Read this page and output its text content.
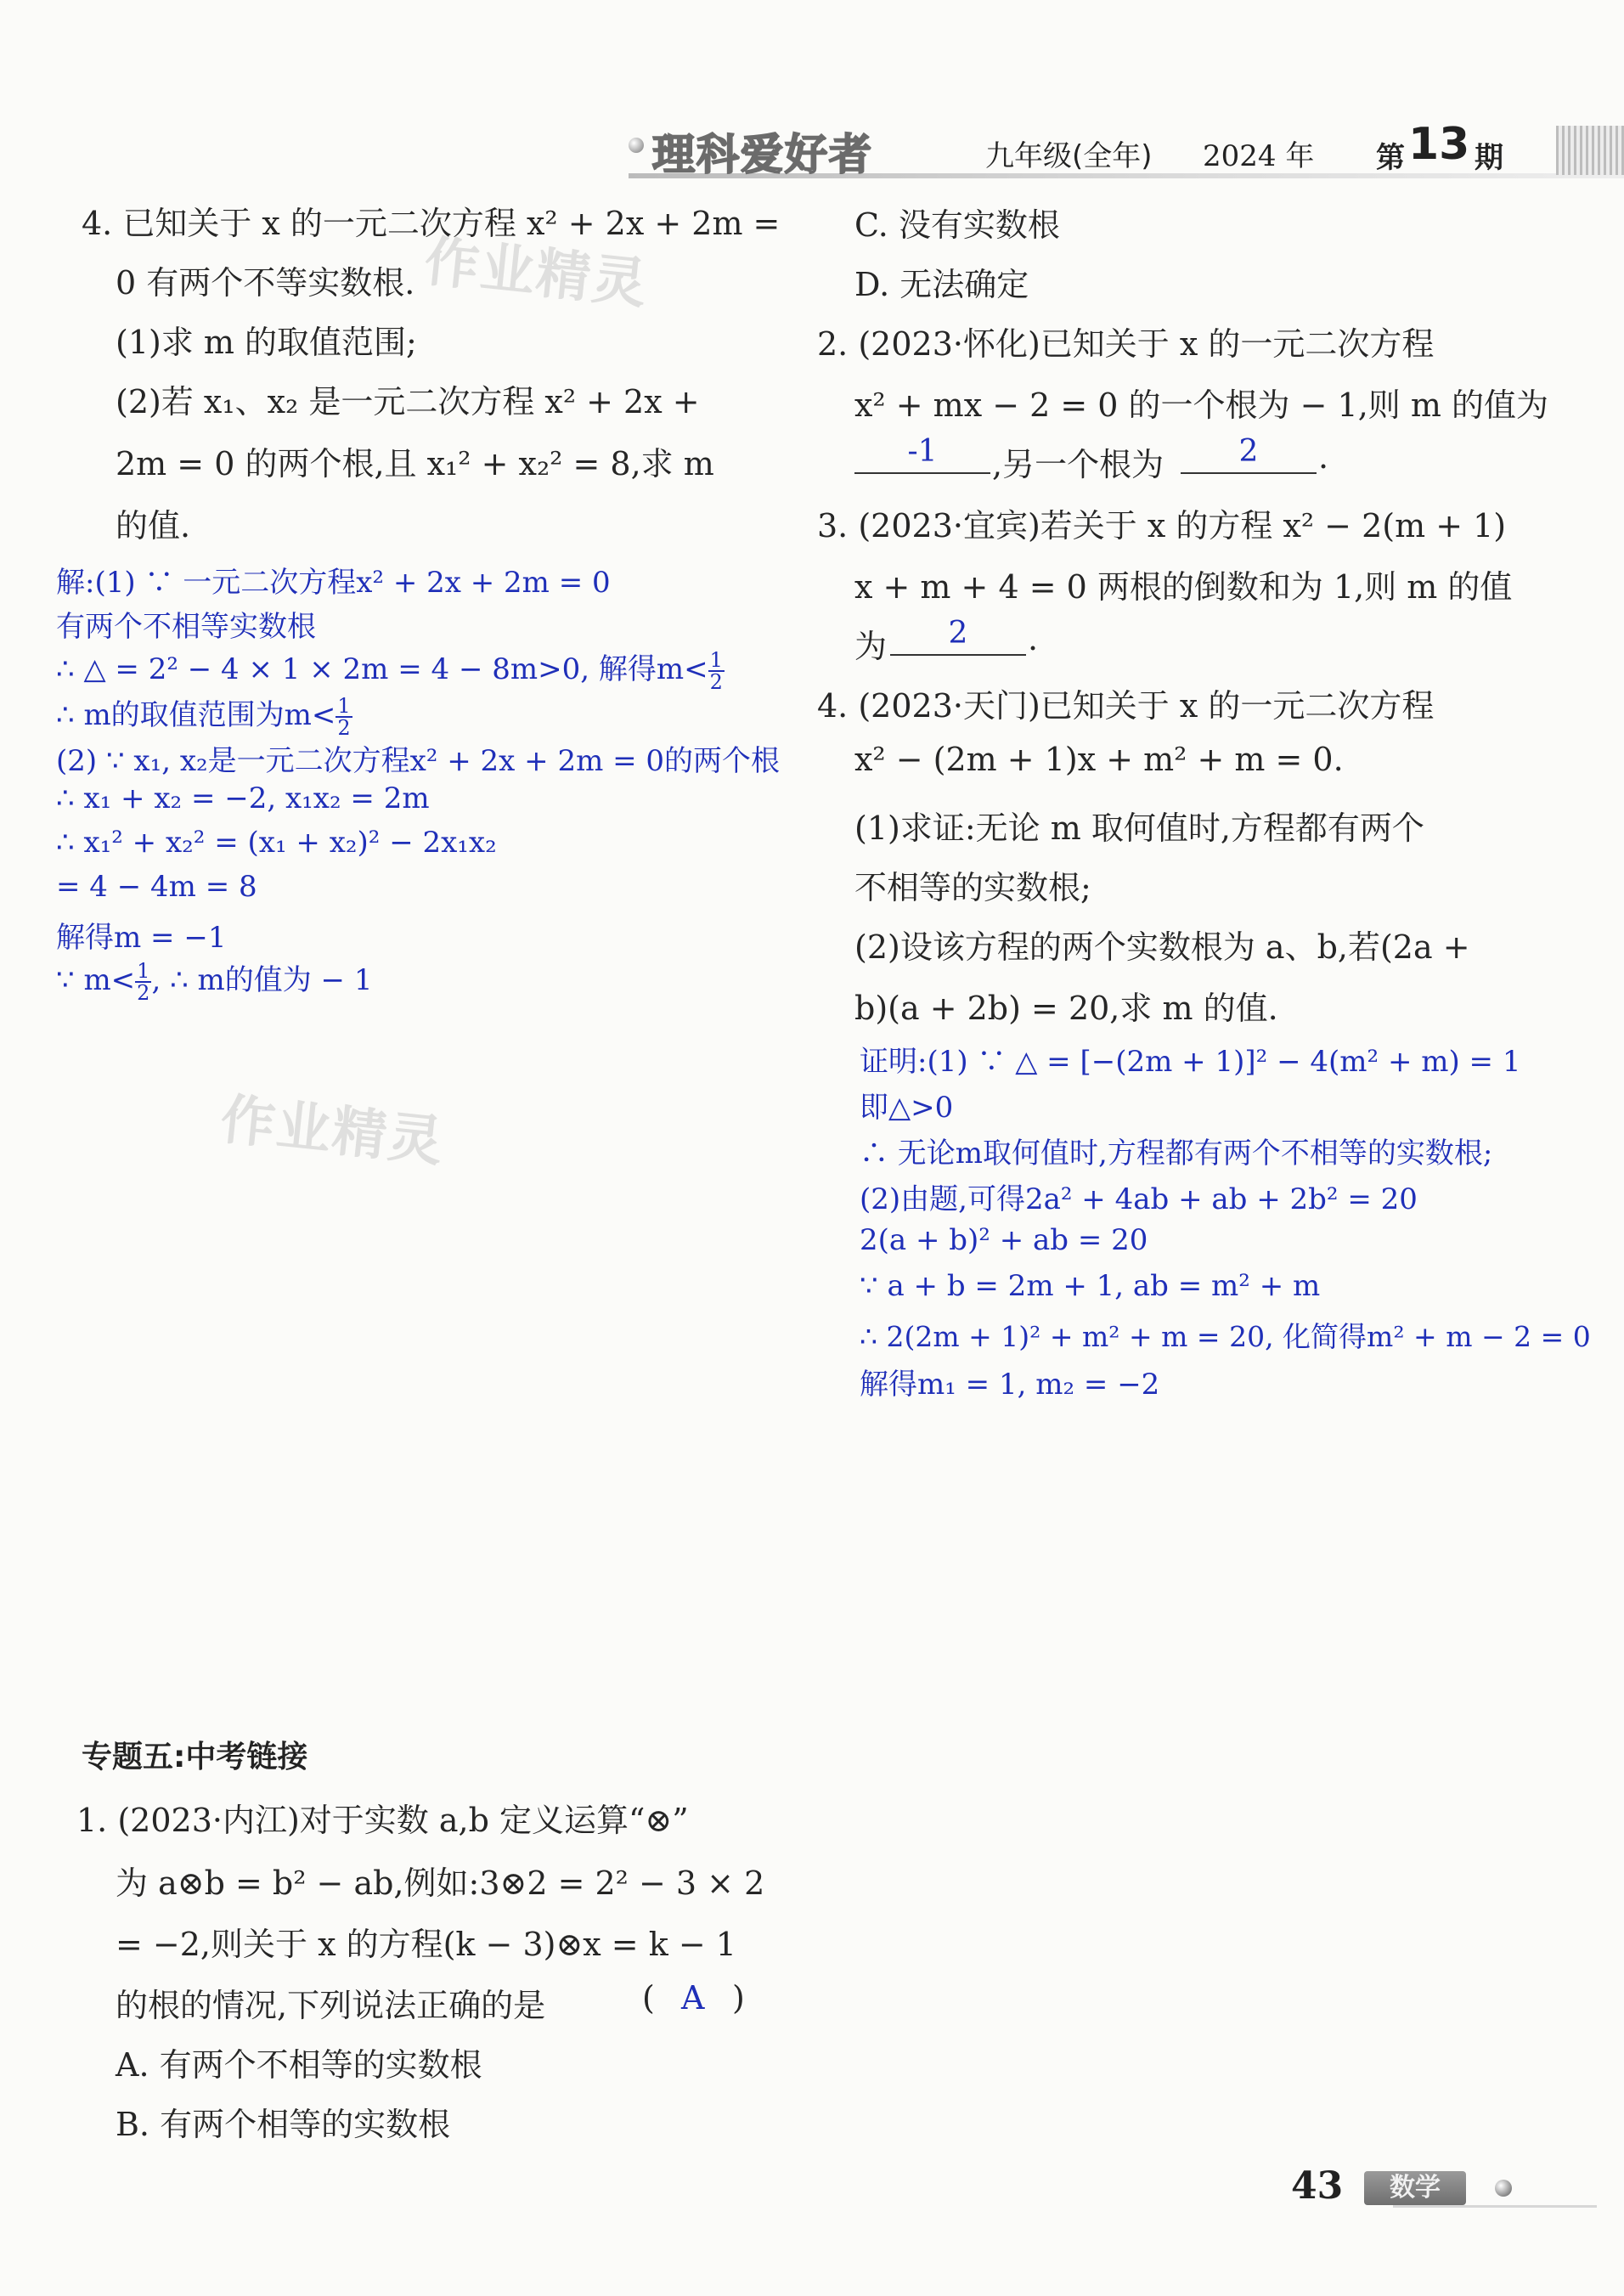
理科爱好者	九年级(全年) 2024 年 第 13 期
作业精灵
作业精灵
4. 已知关于 x 的一元二次方程 x² + 2x + 2m =
0 有两个不等实数根.
(1)求 m 的取值范围;
(2)若 x₁、x₂ 是一元二次方程 x² + 2x +
2m = 0 的两个根,且 x₁² + x₂² = 8,求 m
的值.
解:(1) ∵ 一元二次方程x² + 2x + 2m = 0
有两个不相等实数根
∴ △ = 2² − 4 × 1 × 2m = 4 − 8m>0, 解得$m< \frac{1}{2}$
∴ m的取值范围为$m< \frac{1}{2}$
(2) ∵ x₁, x₂是一元二次方程x² + 2x + 2m = 0的两个根
∴ x₁ + x₂ = −2, x₁x₂ = 2m
∴ x₁² + x₂² = (x₁ + x₂)² − 2x₁x₂
= 4 − 4m = 8
解得m = −1
∵ $m< \frac{1}{2}$ , ∴ m的值为 − 1
专题五:中考链接
1. (2023·内江)对于实数 a,b 定义运算“⊗”
为 a⊗b = b² − ab,例如:3⊗2 = 2² − 3 × 2
= −2,则关于 x 的方程(k − 3)⊗x = k − 1
的根的情况,下列说法正确的是	( A )
A. 有两个不相等的实数根
B. 有两个相等的实数根
C. 没有实数根
D. 无法确定
2. (2023·怀化)已知关于 x 的一元二次方程
x² + mx − 2 = 0 的一个根为 − 1,则 m 的值为
-1	,另一个根为	2	.
3. (2023·宜宾)若关于 x 的方程 x² − 2(m + 1)
x + m + 4 = 0 两根的倒数和为 1,则 m 的值
为	2	.
4. (2023·天门)已知关于 x 的一元二次方程
x² − (2m + 1)x + m² + m = 0.
(1)求证:无论 m 取何值时,方程都有两个
不相等的实数根;
(2)设该方程的两个实数根为 a、b,若(2a +
b)(a + 2b) = 20,求 m 的值.
证明:(1) ∵ △ = [−(2m + 1)]² − 4(m² + m) = 1
即△>0
∴ 无论m取何值时,方程都有两个不相等的实数根;
(2)由题,可得2a² + 4ab + ab + 2b² = 20
2(a + b)² + ab = 20
∵ a + b = 2m + 1, ab = m² + m
∴ 2(2m + 1)² + m² + m = 20, 化简得m² + m − 2 = 0
解得m₁ = 1, m₂ = −2
43	数学
